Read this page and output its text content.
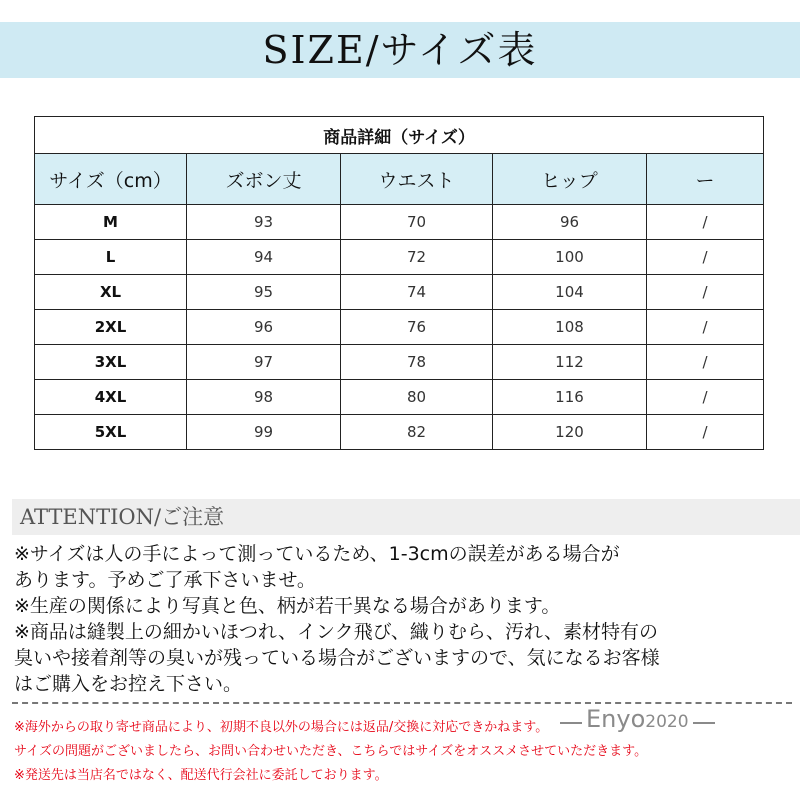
SIZE/サイズ表
商品詳細（サイズ）				
サイズ（cm）	ズボン丈	ウエスト	ヒップ	ー
M	93	70	96	/
L	94	72	100	/
XL	95	74	104	/
2XL	96	76	108	/
3XL	97	78	112	/
4XL	98	80	116	/
5XL	99	82	120	/
ATTENTION/ご注意
※サイズは人の手によって測っているため、1-3cmの誤差がある場合が
あります。予めご了承下さいませ。
※生産の関係により写真と色、柄が若干異なる場合があります。
※商品は縫製上の細かいほつれ、インク飛び、織りむら、汚れ、素材特有の
臭いや接着剤等の臭いが残っている場合がございますので、気になるお客様
はご購入をお控え下さい。
※海外からの取り寄せ商品により、初期不良以外の場合には返品/交換に対応できかねます。
サイズの問題がございましたら、お問い合わせいただき、こちらではサイズをオススメさせていただきます。
※発送先は当店名ではなく、配送代行会社に委託しております。
Enyo2020
